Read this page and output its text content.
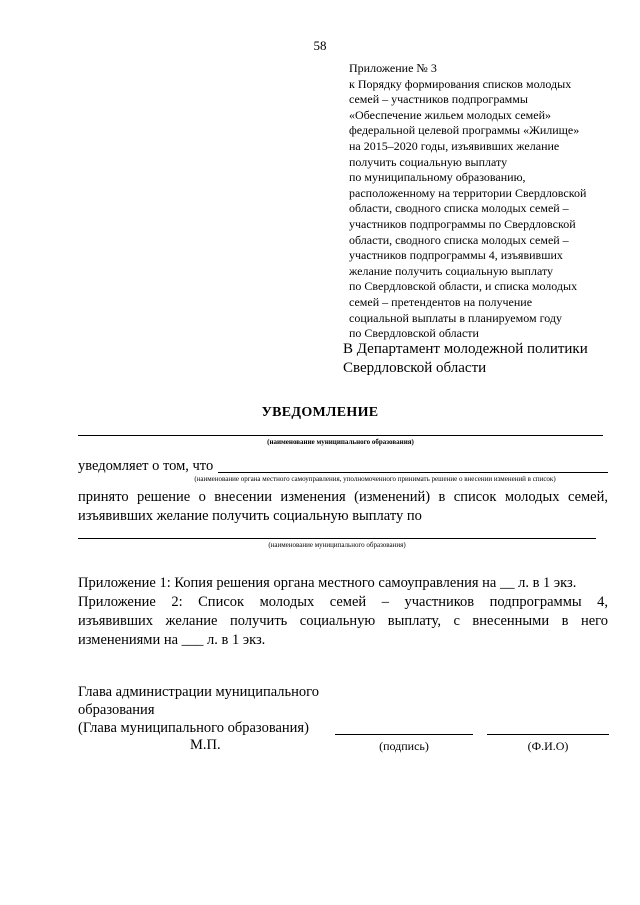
58
Приложение № 3
к Порядку формирования списков молодых
семей – участников подпрограммы
«Обеспечение жильем молодых семей»
федеральной целевой программы «Жилище»
на 2015–2020 годы, изъявивших желание
получить социальную выплату
по муниципальному образованию,
расположенному на территории Свердловской
области, сводного списка молодых семей –
участников подпрограммы по Свердловской
области, сводного списка молодых семей –
участников подпрограммы 4, изъявивших
желание получить социальную выплату
по Свердловской области, и списка молодых
семей – претендентов на получение
социальной выплаты в планируемом году
по Свердловской области
В Департамент молодежной политики
Свердловской области
УВЕДОМЛЕНИЕ
(наименование муниципального образования)
уведомляет о том, что
(наименование органа местного самоуправления, уполномоченного принимать решение о внесении изменений в список)
принято решение о внесении изменения (изменений) в список молодых семей,
изъявивших желание получить социальную выплату по
(наименование муниципального образования)
Приложение 1: Копия решения органа местного самоуправления на __ л. в 1 экз.
Приложение 2: Список молодых семей – участников подпрограммы 4,
изъявивших желание получить социальную выплату, с внесенными в него
изменениями на ___ л. в 1 экз.
Глава администрации муниципального
образования
(Глава муниципального образования)
М.П.	(подпись)	(Ф.И.О)
